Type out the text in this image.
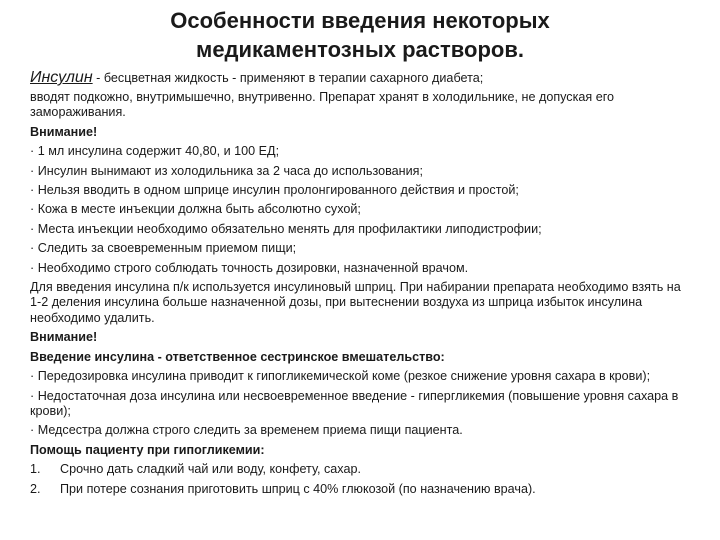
Особенности введения некоторых
медикаментозных растворов.
Инсулин - бесцветная жидкость - применяют в терапии сахарного диабета;
вводят подкожно, внутримышечно, внутривенно. Препарат хранят в холодильнике, не допуская его замораживания.
Внимание!
· 1 мл инсулина содержит 40,80, и 100 ЕД;
· Инсулин вынимают из холодильника за 2 часа до использования;
· Нельзя вводить в одном шприце инсулин пролонгированного действия и простой;
· Кожа в месте инъекции должна быть абсолютно сухой;
· Места инъекции необходимо обязательно менять для профилактики липодистрофии;
· Следить за своевременным приемом пищи;
· Необходимо строго соблюдать точность дозировки, назначенной врачом.
Для введения инсулина п/к используется инсулиновый шприц. При набирании препарата необходимо взять на 1-2 деления инсулина больше назначенной дозы, при вытеснении воздуха из шприца избыток инсулина необходимо удалить.
Внимание!
Введение инсулина - ответственное сестринское вмешательство:
· Передозировка инсулина приводит к гипогликемической коме (резкое снижение уровня сахара в крови);
· Недостаточная доза инсулина или несвоевременное введение - гипергликемия (повышение уровня сахара в крови);
· Медсестра должна строго следить за временем приема пищи пациента.
Помощь пациенту при гипогликемии:
1. Срочно дать сладкий чай или воду, конфету, сахар.
2. При потере сознания приготовить шприц с 40% глюкозой (по назначению врача).
